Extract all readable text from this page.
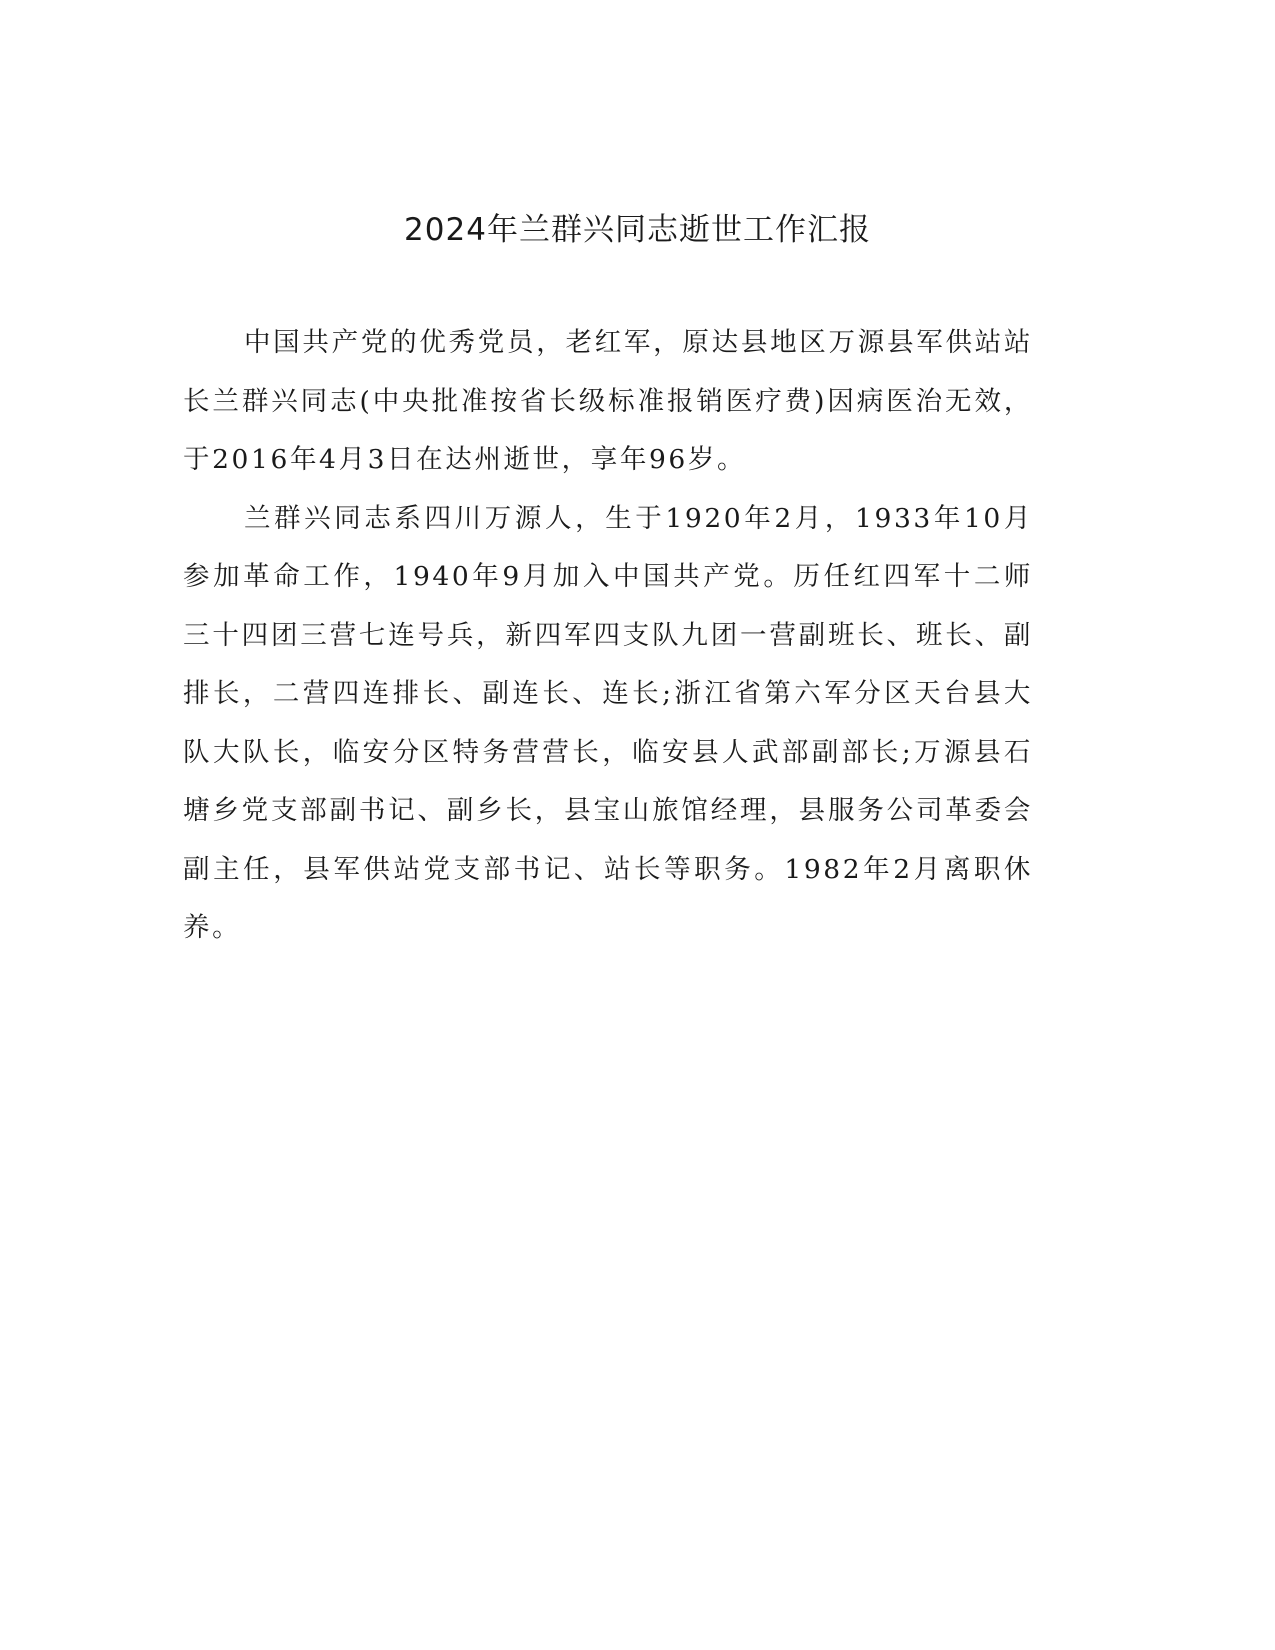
2024年兰群兴同志逝世工作汇报

中国共产党的优秀党员，老红军，原达县地区万源县军供站站长兰群兴同志(中央批准按省长级标准报销医疗费)因病医治无效，于2016年4月3日在达州逝世，享年96岁。

兰群兴同志系四川万源人，生于1920年2月，1933年10月参加革命工作，1940年9月加入中国共产党。历任红四军十二师三十四团三营七连号兵，新四军四支队九团一营副班长、班长、副排长，二营四连排长、副连长、连长;浙江省第六军分区天台县大队大队长，临安分区特务营营长，临安县人武部副部长;万源县石塘乡党支部副书记、副乡长，县宝山旅馆经理，县服务公司革委会副主任，县军供站党支部书记、站长等职务。1982年2月离职休养。
